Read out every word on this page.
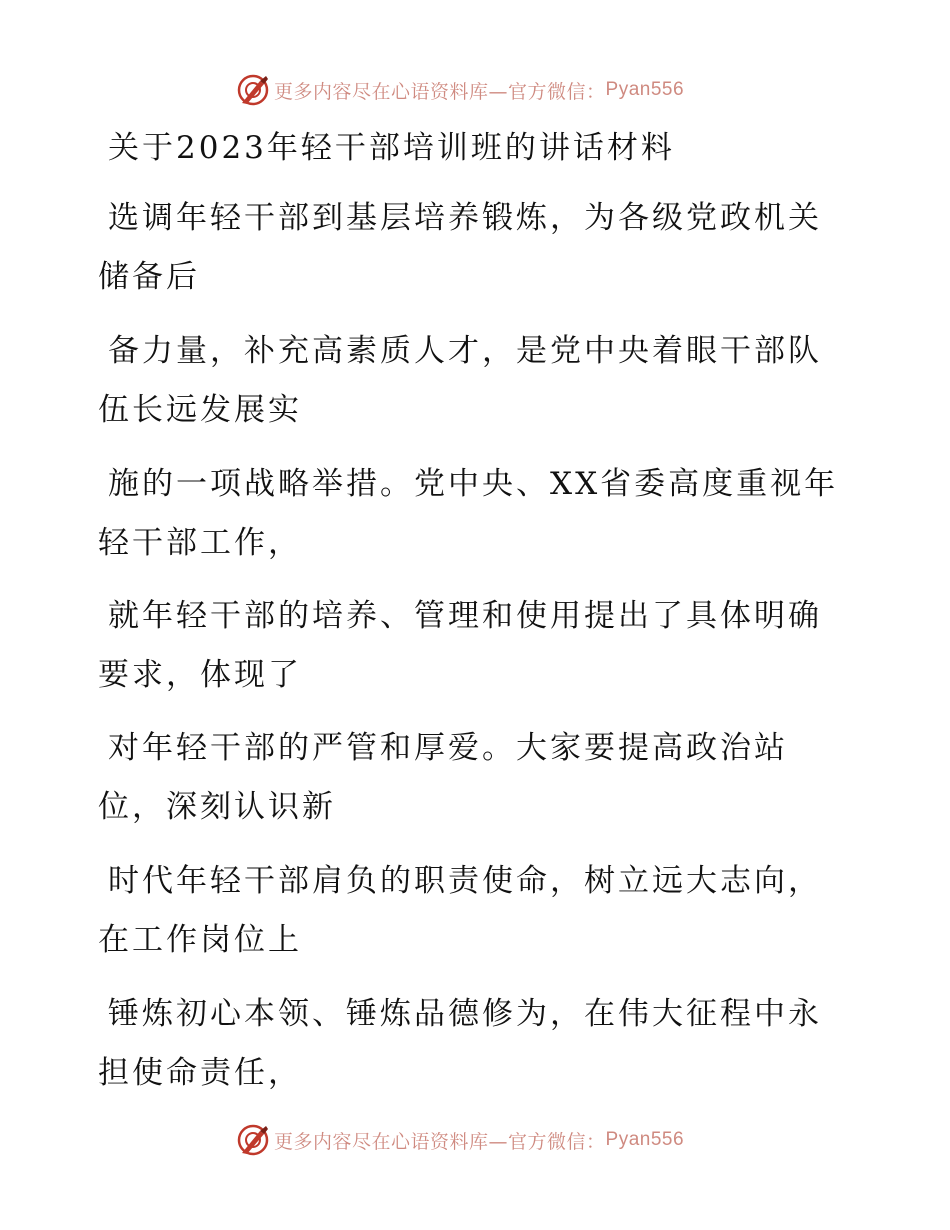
更多内容尽在心语资料库—官方微信： Pyan556
关于2023年轻干部培训班的讲话材料
选调年轻干部到基层培养锻炼，为各级党政机关
储备后
备力量，补充高素质人才，是党中央着眼干部队
伍长远发展实
施的一项战略举措。党中央、XX省委高度重视年
轻干部工作，
就年轻干部的培养、管理和使用提出了具体明确
要求，体现了
对年轻干部的严管和厚爱。大家要提高政治站
位，深刻认识新
时代年轻干部肩负的职责使命，树立远大志向，
在工作岗位上
锤炼初心本领、锤炼品德修为，在伟大征程中永
担使命责任，
更多内容尽在心语资料库—官方微信： Pyan556
